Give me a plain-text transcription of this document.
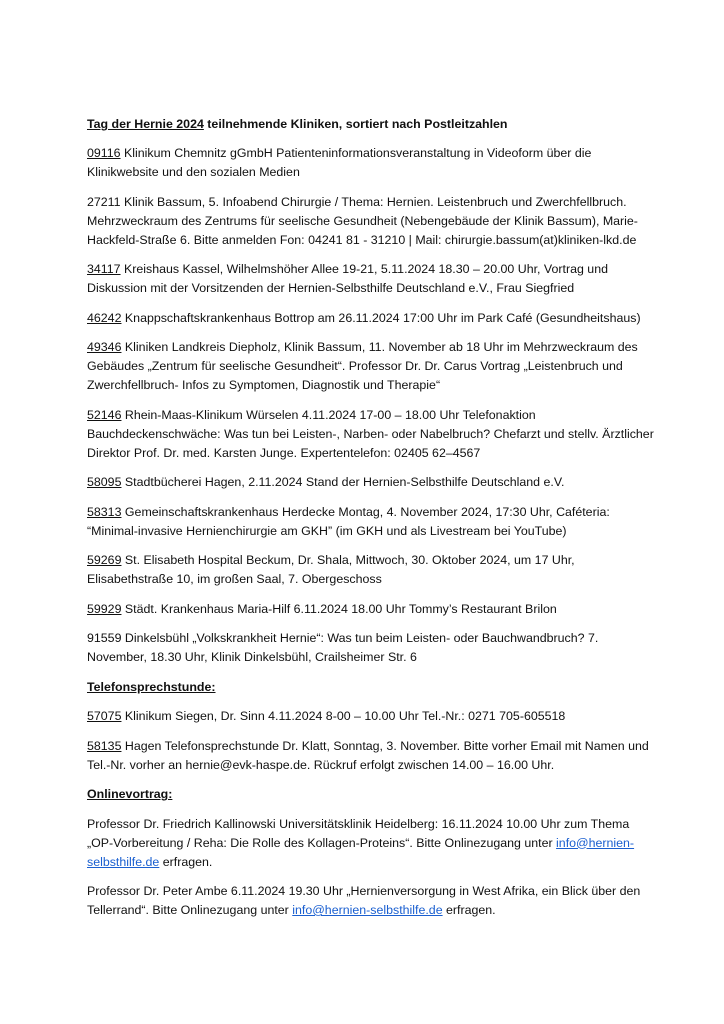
Tag der Hernie 2024 teilnehmende Kliniken, sortiert nach Postleitzahlen

09116 Klinikum Chemnitz gGmbH Patienteninformationsveranstaltung in Videoform über die Klinikwebsite und den sozialen Medien

27211 Klinik Bassum, 5. Infoabend Chirurgie / Thema: Hernien. Leistenbruch und Zwerchfellbruch. Mehrzweckraum des Zentrums für seelische Gesundheit (Nebengebäude der Klinik Bassum), Marie-Hackfeld-Straße 6. Bitte anmelden Fon: 04241 81 - 31210 | Mail: chirurgie.bassum(at)kliniken-lkd.de

34117 Kreishaus Kassel, Wilhelmshöher Allee 19-21, 5.11.2024 18.30 – 20.00 Uhr, Vortrag und Diskussion mit der Vorsitzenden der Hernien-Selbsthilfe Deutschland e.V., Frau Siegfried

46242 Knappschaftskrankenhaus Bottrop am 26.11.2024 17:00 Uhr im Park Café (Gesundheitshaus)

49346 Kliniken Landkreis Diepholz, Klinik Bassum, 11. November ab 18 Uhr im Mehrzweckraum des Gebäudes „Zentrum für seelische Gesundheit“. Professor Dr. Dr. Carus Vortrag „Leistenbruch und Zwerchfellbruch- Infos zu Symptomen, Diagnostik und Therapie“

52146 Rhein-Maas-Klinikum Würselen 4.11.2024 17-00 – 18.00 Uhr Telefonaktion Bauchdeckenschwäche: Was tun bei Leisten-, Narben- oder Nabelbruch? Chefarzt und stellv. Ärztlicher Direktor Prof. Dr. med. Karsten Junge. Expertentelefon: 02405 62–4567

58095 Stadtbücherei Hagen, 2.11.2024 Stand der Hernien-Selbsthilfe Deutschland e.V.

58313 Gemeinschaftskrankenhaus Herdecke Montag, 4. November 2024, 17:30 Uhr, Caféteria: “Minimal-invasive Hernienchirurgie am GKH” (im GKH und als Livestream bei YouTube)

59269 St. Elisabeth Hospital Beckum, Dr. Shala, Mittwoch, 30. Oktober 2024, um 17 Uhr, Elisabethstraße 10, im großen Saal, 7. Obergeschoss

59929 Städt. Krankenhaus Maria-Hilf 6.11.2024 18.00 Uhr Tommy’s Restaurant Brilon

91559 Dinkelsbühl „Volkskrankheit Hernie“: Was tun beim Leisten- oder Bauchwandbruch? 7. November, 18.30 Uhr, Klinik Dinkelsbühl, Crailsheimer Str. 6

Telefonsprechstunde:

57075 Klinikum Siegen, Dr. Sinn 4.11.2024 8-00 – 10.00 Uhr Tel.-Nr.: 0271 705-605518

58135 Hagen Telefonsprechstunde Dr. Klatt, Sonntag, 3. November. Bitte vorher Email mit Namen und Tel.-Nr. vorher an hernie@evk-haspe.de. Rückruf erfolgt zwischen 14.00 – 16.00 Uhr.

Onlinevortrag:

Professor Dr. Friedrich Kallinowski Universitätsklinik Heidelberg: 16.11.2024 10.00 Uhr zum Thema „OP-Vorbereitung / Reha: Die Rolle des Kollagen-Proteins“. Bitte Onlinezugang unter info@hernien-selbsthilfe.de erfragen.

Professor Dr. Peter Ambe 6.11.2024 19.30 Uhr „Hernienversorgung in West Afrika, ein Blick über den Tellerrand“. Bitte Onlinezugang unter info@hernien-selbsthilfe.de erfragen.
